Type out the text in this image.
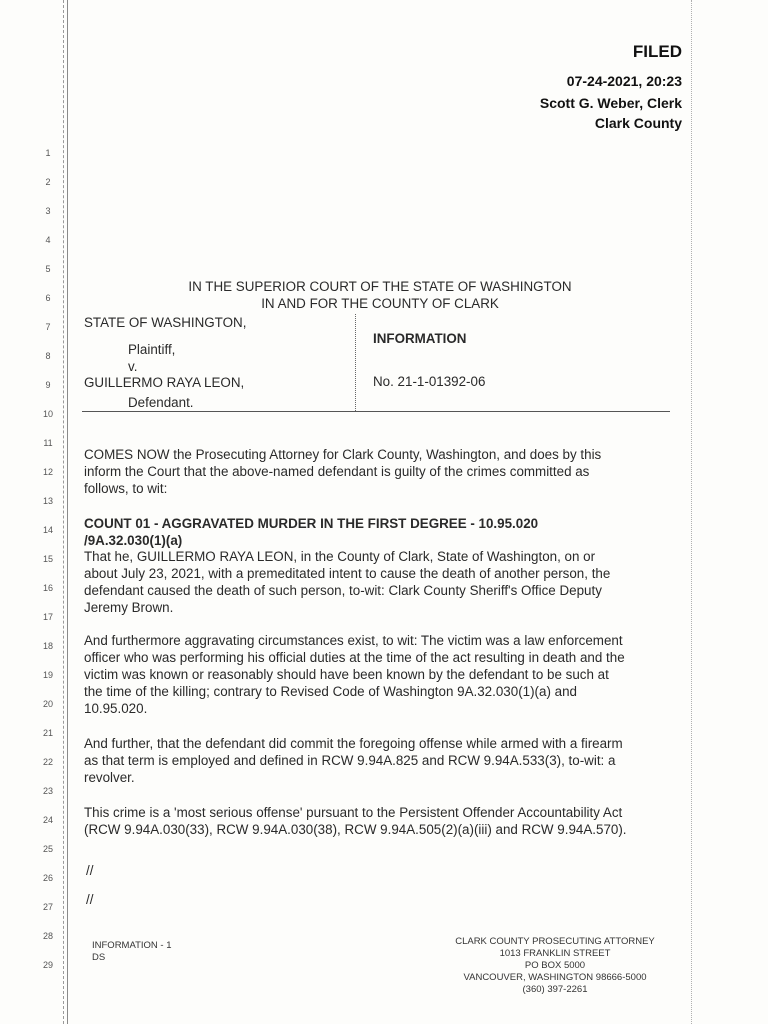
FILED
07-24-2021, 20:23
Scott G. Weber, Clerk
Clark County
1
2
3
4
5
6
7
8
9
10
11
12
13
14
15
16
17
18
19
20
21
22
23
24
25
26
27
28
29
IN THE SUPERIOR COURT OF THE STATE OF WASHINGTON
IN AND FOR THE COUNTY OF CLARK
STATE OF WASHINGTON,
Plaintiff,
v.
GUILLERMO RAYA LEON,
Defendant.
INFORMATION
No. 21-1-01392-06
COMES NOW the Prosecuting Attorney for Clark County, Washington, and does by this
inform the Court that the above-named defendant is guilty of the crimes committed as
follows, to wit:
COUNT 01 - AGGRAVATED MURDER IN THE FIRST DEGREE - 10.95.020
/9A.32.030(1)(a)
That he, GUILLERMO RAYA LEON, in the County of Clark, State of Washington, on or
about July 23, 2021, with a premeditated intent to cause the death of another person, the
defendant caused the death of such person, to-wit: Clark County Sheriff's Office Deputy
Jeremy Brown.
And furthermore aggravating circumstances exist, to wit: The victim was a law enforcement
officer who was performing his official duties at the time of the act resulting in death and the
victim was known or reasonably should have been known by the defendant to be such at
the time of the killing; contrary to Revised Code of Washington 9A.32.030(1)(a) and
10.95.020.
And further, that the defendant did commit the foregoing offense while armed with a firearm
as that term is employed and defined in RCW 9.94A.825 and RCW 9.94A.533(3), to-wit: a
revolver.
This crime is a 'most serious offense' pursuant to the Persistent Offender Accountability Act
(RCW 9.94A.030(33), RCW 9.94A.030(38), RCW 9.94A.505(2)(a)(iii) and RCW 9.94A.570).
//
//
INFORMATION - 1
DS
CLARK COUNTY PROSECUTING ATTORNEY
1013 FRANKLIN STREET
PO BOX 5000
VANCOUVER, WASHINGTON 98666-5000
(360) 397-2261
